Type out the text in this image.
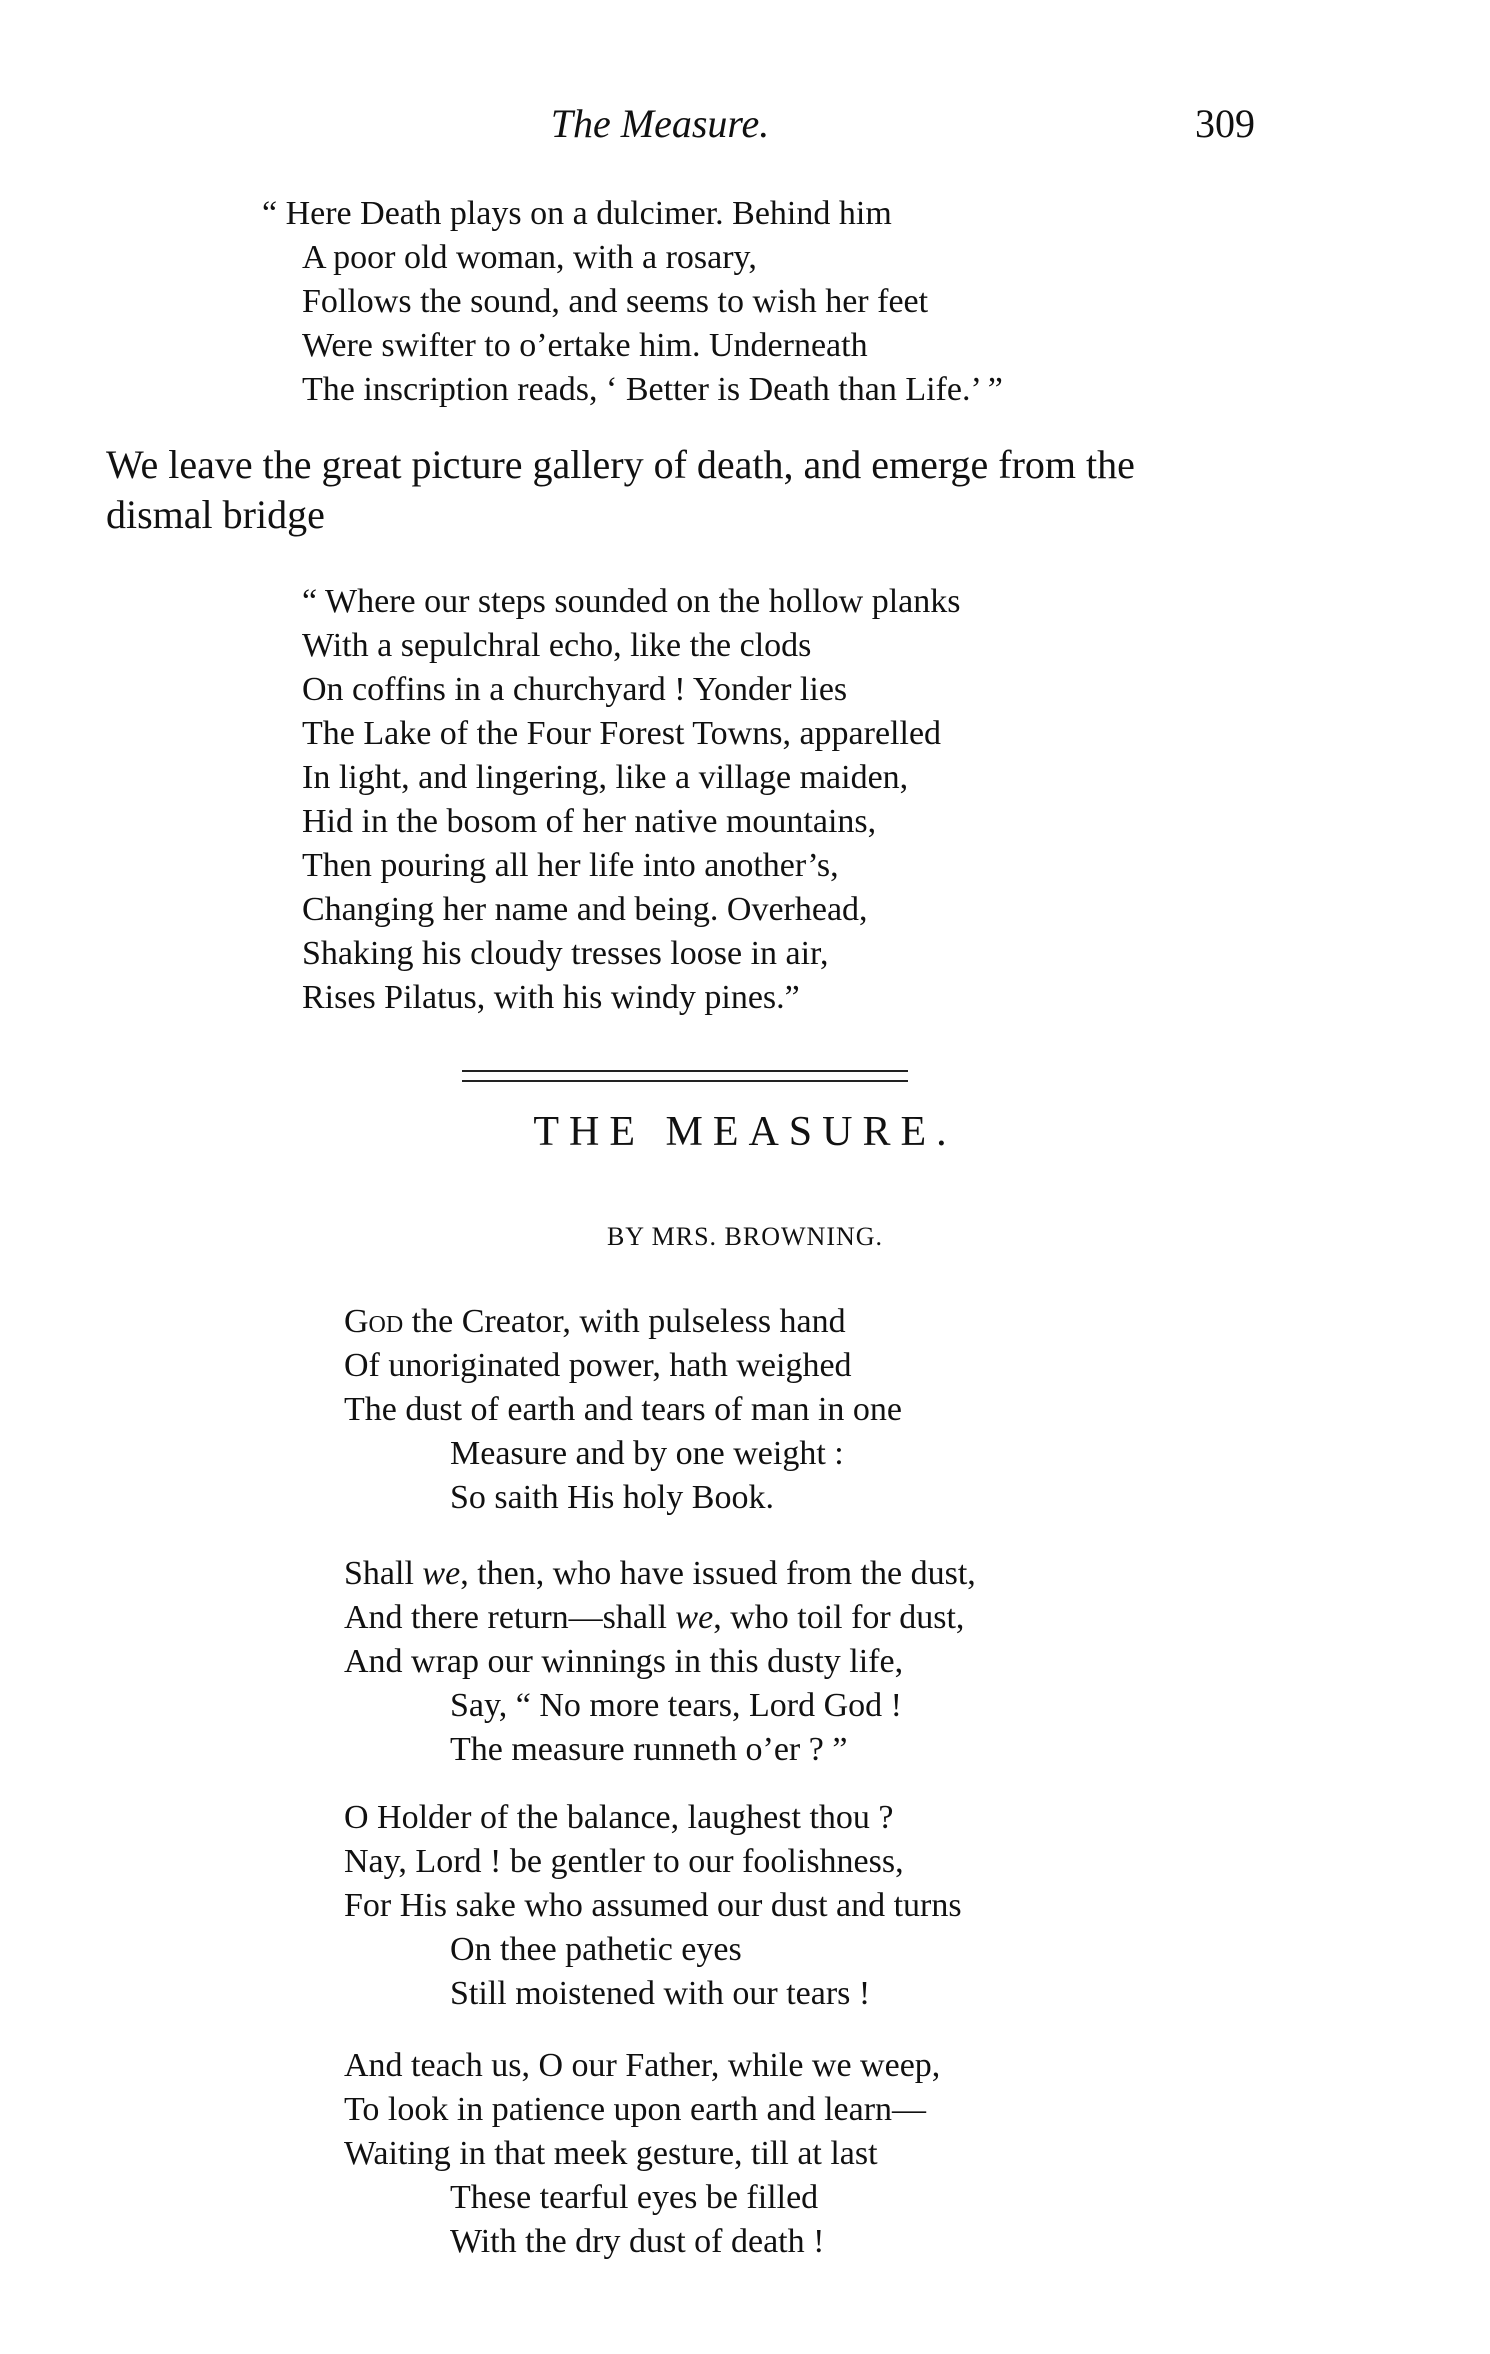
The Measure.	309
“ Here Death plays on a dulcimer. Behind him
A poor old woman, with a rosary,
Follows the sound, and seems to wish her feet
Were swifter to o’ertake him. Underneath
The inscription reads, ‘ Better is Death than Life.’ ”
We leave the great picture gallery of death, and emerge from the
dismal bridge
“ Where our steps sounded on the hollow planks
With a sepulchral echo, like the clods
On coffins in a churchyard ! Yonder lies
The Lake of the Four Forest Towns, apparelled
In light, and lingering, like a village maiden,
Hid in the bosom of her native mountains,
Then pouring all her life into another’s,
Changing her name and being. Overhead,
Shaking his cloudy tresses loose in air,
Rises Pilatus, with his windy pines.”
THE MEASURE.
BY MRS. BROWNING.
God the Creator, with pulseless hand
Of unoriginated power, hath weighed
The dust of earth and tears of man in one
Measure and by one weight :
So saith His holy Book.
Shall we, then, who have issued from the dust,
And there return—shall we, who toil for dust,
And wrap our winnings in this dusty life,
Say, “ No more tears, Lord God !
The measure runneth o’er ? ”
O Holder of the balance, laughest thou ?
Nay, Lord ! be gentler to our foolishness,
For His sake who assumed our dust and turns
On thee pathetic eyes
Still moistened with our tears !
And teach us, O our Father, while we weep,
To look in patience upon earth and learn—
Waiting in that meek gesture, till at last
These tearful eyes be filled
With the dry dust of death !
